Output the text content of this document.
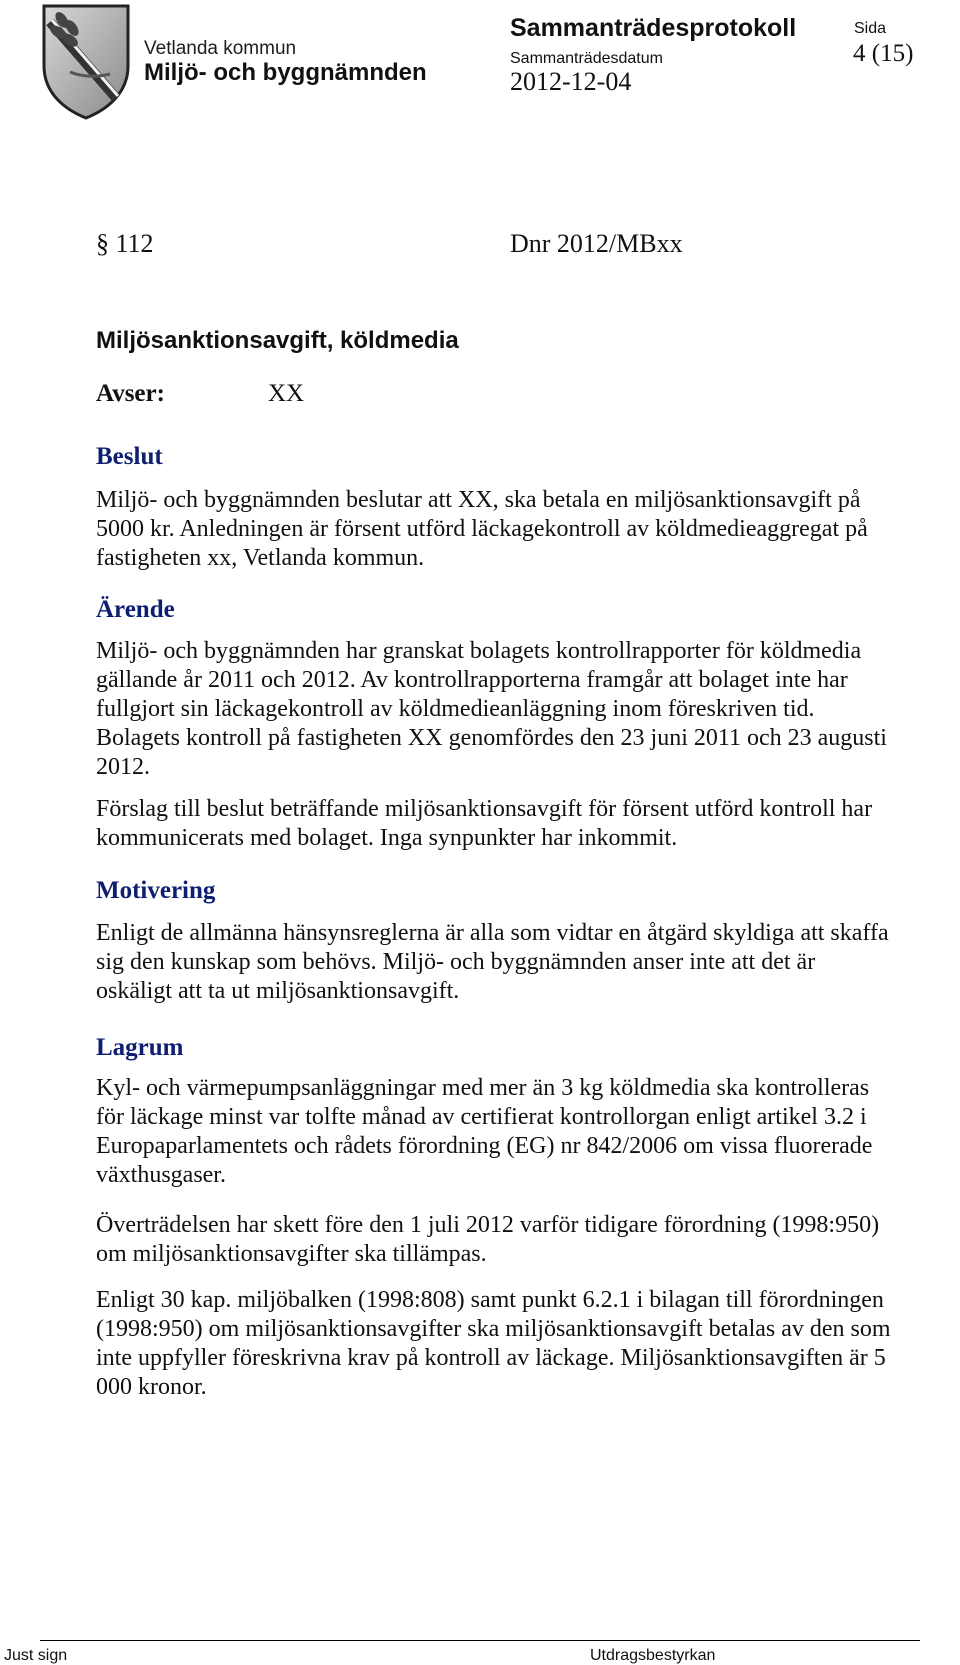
Vetlanda kommun
Miljö- och byggnämnden
Sammanträdesprotokoll
Sammanträdesdatum
2012-12-04
Sida
4 (15)
§ 112	Dnr 2012/MBxx
Miljösanktionsavgift, köldmedia
Avser:	XX
Beslut

Miljö- och byggnämnden beslutar att XX, ska betala en miljösanktionsavgift på 5000 kr. Anledningen är försent utförd läckagekontroll av köldmedieaggregat på fastigheten xx, Vetlanda kommun.

Ärende

Miljö- och byggnämnden har granskat bolagets kontrollrapporter för köldmedia gällande år 2011 och 2012. Av kontrollrapporterna framgår att bolaget inte har fullgjort sin läckagekontroll av köldmedieanläggning inom föreskriven tid. Bolagets kontroll på fastigheten XX genomfördes den 23 juni 2011 och 23 augusti 2012.

Förslag till beslut beträffande miljösanktionsavgift för försent utförd kontroll har kommunicerats med bolaget. Inga synpunkter har inkommit.

Motivering

Enligt de allmänna hänsynsreglerna är alla som vidtar en åtgärd skyldiga att skaffa sig den kunskap som behövs. Miljö- och byggnämnden anser inte att det är oskäligt att ta ut miljösanktionsavgift.

Lagrum

Kyl- och värmepumpsanläggningar med mer än 3 kg köldmedia ska kontrolleras för läckage minst var tolfte månad av certifierat kontrollorgan enligt artikel 3.2 i Europaparlamentets och rådets förordning (EG) nr 842/2006 om vissa fluorerade växthusgaser.

Överträdelsen har skett före den 1 juli 2012 varför tidigare förordning (1998:950) om miljösanktionsavgifter ska tillämpas.

Enligt 30 kap. miljöbalken (1998:808) samt punkt 6.2.1 i bilagan till förordningen (1998:950) om miljösanktionsavgifter ska miljösanktionsavgift betalas av den som inte uppfyller föreskrivna krav på kontroll av läckage. Miljösanktionsavgiften är 5 000 kronor.

Just sign	Utdragsbestyrkan
